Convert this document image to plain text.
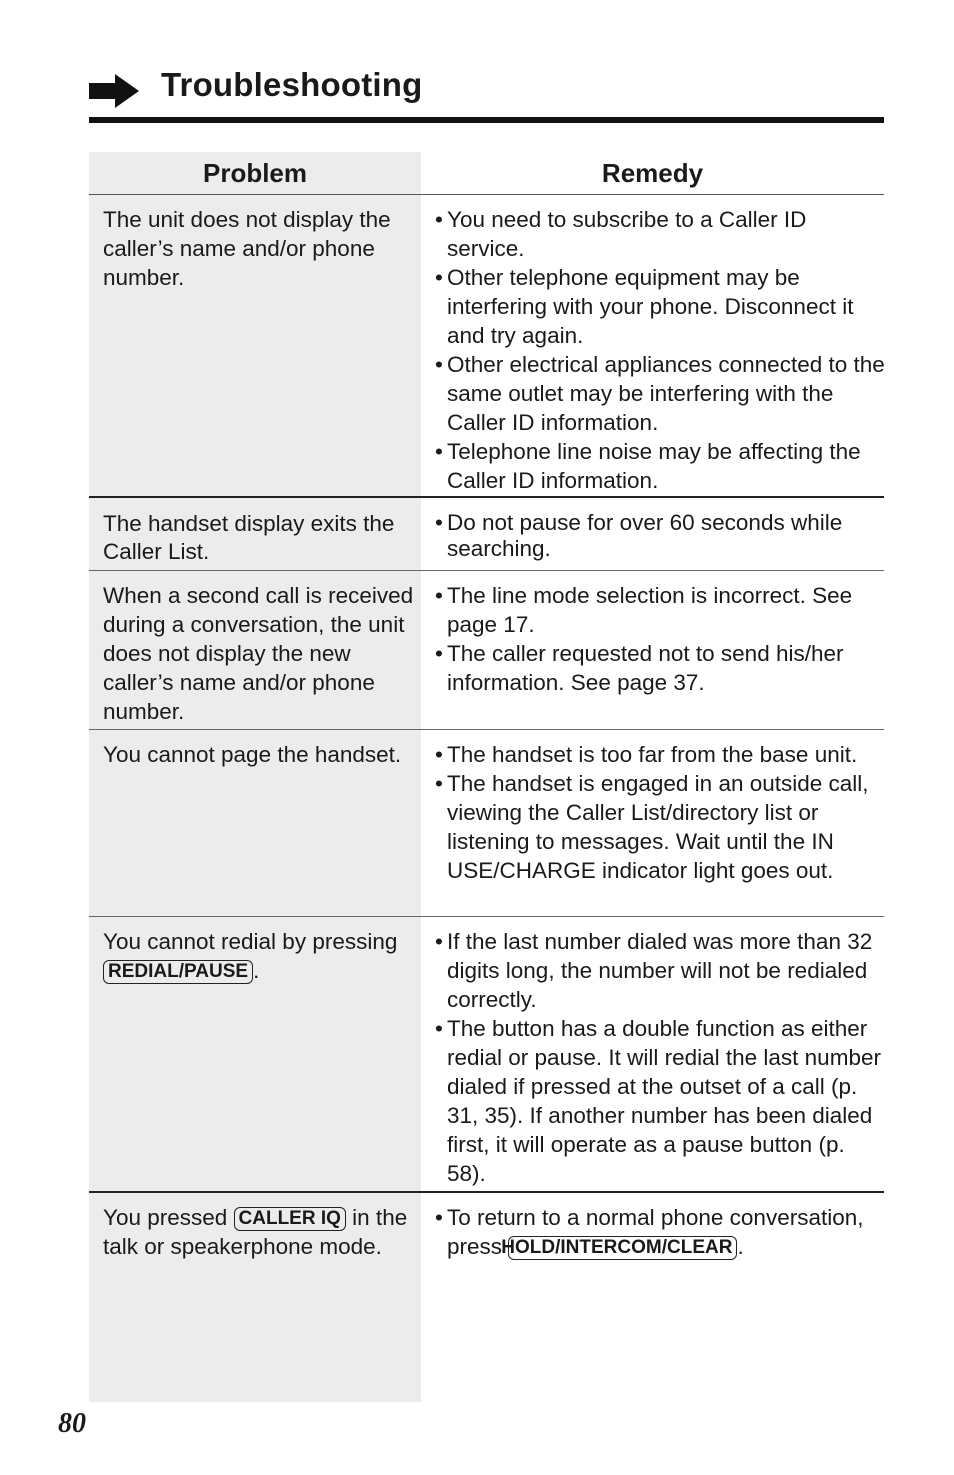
Troubleshooting
Problem	Remedy
The unit does not display the caller’s name and/or phone number.

• You need to subscribe to a Caller ID service.

• Other telephone equipment may be interfering with your phone. Disconnect it and try again.

• Other electrical appliances connected to the same outlet may be interfering with the Caller ID information.

• Telephone line noise may be affecting the Caller ID information.

The handset display exits the Caller List.

• Do not pause for over 60 seconds while searching.

When a second call is received during a conversation, the unit does not display the new caller’s name and/or phone number.

• The line mode selection is incorrect. See page 17.

• The caller requested not to send his/her information. See page 37.

You cannot page the handset.	• The handset is too far from the base unit.

• The handset is engaged in an outside call, viewing the Caller List/directory list or listening to messages. Wait until the IN USE/CHARGE indicator light goes out.

You cannot redial by pressing REDIAL/PAUSE .

• If the last number dialed was more than 32 digits long, the number will not be redialed correctly.

• The button has a double function as either redial or pause. It will redial the last number dialed if pressed at the outset of a call (p. 31, 35). If another number has been dialed first, it will operate as a pause button (p. 58).

You pressed CALLER IQ in the talk or speakerphone mode.

• To return to a normal phone conversation, press HOLD/INTERCOM/CLEAR .

80
